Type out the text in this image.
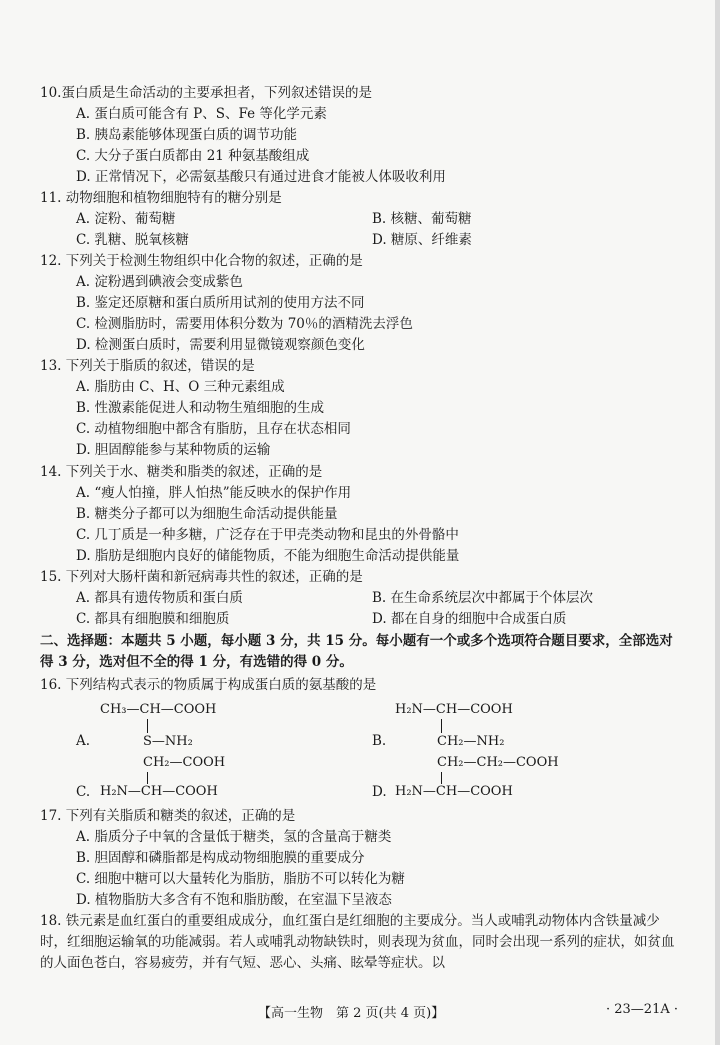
10.蛋白质是生命活动的主要承担者，下列叙述错误的是
A. 蛋白质可能含有 P、S、Fe 等化学元素
B. 胰岛素能够体现蛋白质的调节功能
C. 大分子蛋白质都由 21 种氨基酸组成
D. 正常情况下，必需氨基酸只有通过进食才能被人体吸收利用
11. 动物细胞和植物细胞特有的糖分别是
A. 淀粉、葡萄糖	B. 核糖、葡萄糖
C. 乳糖、脱氧核糖	D. 糖原、纤维素
12. 下列关于检测生物组织中化合物的叙述，正确的是
A. 淀粉遇到碘液会变成紫色
B. 鉴定还原糖和蛋白质所用试剂的使用方法不同
C. 检测脂肪时，需要用体积分数为 70％的酒精洗去浮色
D. 检测蛋白质时，需要利用显微镜观察颜色变化
13. 下列关于脂质的叙述，错误的是
A. 脂肪由 C、H、O 三种元素组成
B. 性激素能促进人和动物生殖细胞的生成
C. 动植物细胞中都含有脂肪，且存在状态相同
D. 胆固醇能参与某种物质的运输
14. 下列关于水、糖类和脂类的叙述，正确的是
A. “瘦人怕撞，胖人怕热”能反映水的保护作用
B. 糖类分子都可以为细胞生命活动提供能量
C. 几丁质是一种多糖，广泛存在于甲壳类动物和昆虫的外骨骼中
D. 脂肪是细胞内良好的储能物质，不能为细胞生命活动提供能量
15. 下列对大肠杆菌和新冠病毒共性的叙述，正确的是
A. 都具有遗传物质和蛋白质	B. 在生命系统层次中都属于个体层次
C. 都具有细胞膜和细胞质	D. 都在自身的细胞中合成蛋白质
二、选择题：本题共 5 小题，每小题 3 分，共 15 分。每小题有一个或多个选项符合题目要求，全部选对得 3 分，选对但不全的得 1 分，有选错的得 0 分。
16. 下列结构式表示的物质属于构成蛋白质的氨基酸的是
CH₃—CH—COOH
A.	S—NH₂
H₂N—CH—COOH
B.	CH₂—NH₂
CH₂—COOH
C. H₂N—CH—COOH
CH₂—CH₂—COOH
D. H₂N—CH—COOH
17. 下列有关脂质和糖类的叙述，正确的是
A. 脂质分子中氧的含量低于糖类，氢的含量高于糖类
B. 胆固醇和磷脂都是构成动物细胞膜的重要成分
C. 细胞中糖可以大量转化为脂肪，脂肪不可以转化为糖
D. 植物脂肪大多含有不饱和脂肪酸，在室温下呈液态
18. 铁元素是血红蛋白的重要组成成分，血红蛋白是红细胞的主要成分。当人或哺乳动物体内含铁量减少时，红细胞运输氧的功能减弱。若人或哺乳动物缺铁时，则表现为贫血，同时会出现一系列的症状，如贫血的人面色苍白，容易疲劳，并有气短、恶心、头痛、眩晕等症状。以
【高一生物　第 2 页(共 4 页)】	· 23—21A ·
